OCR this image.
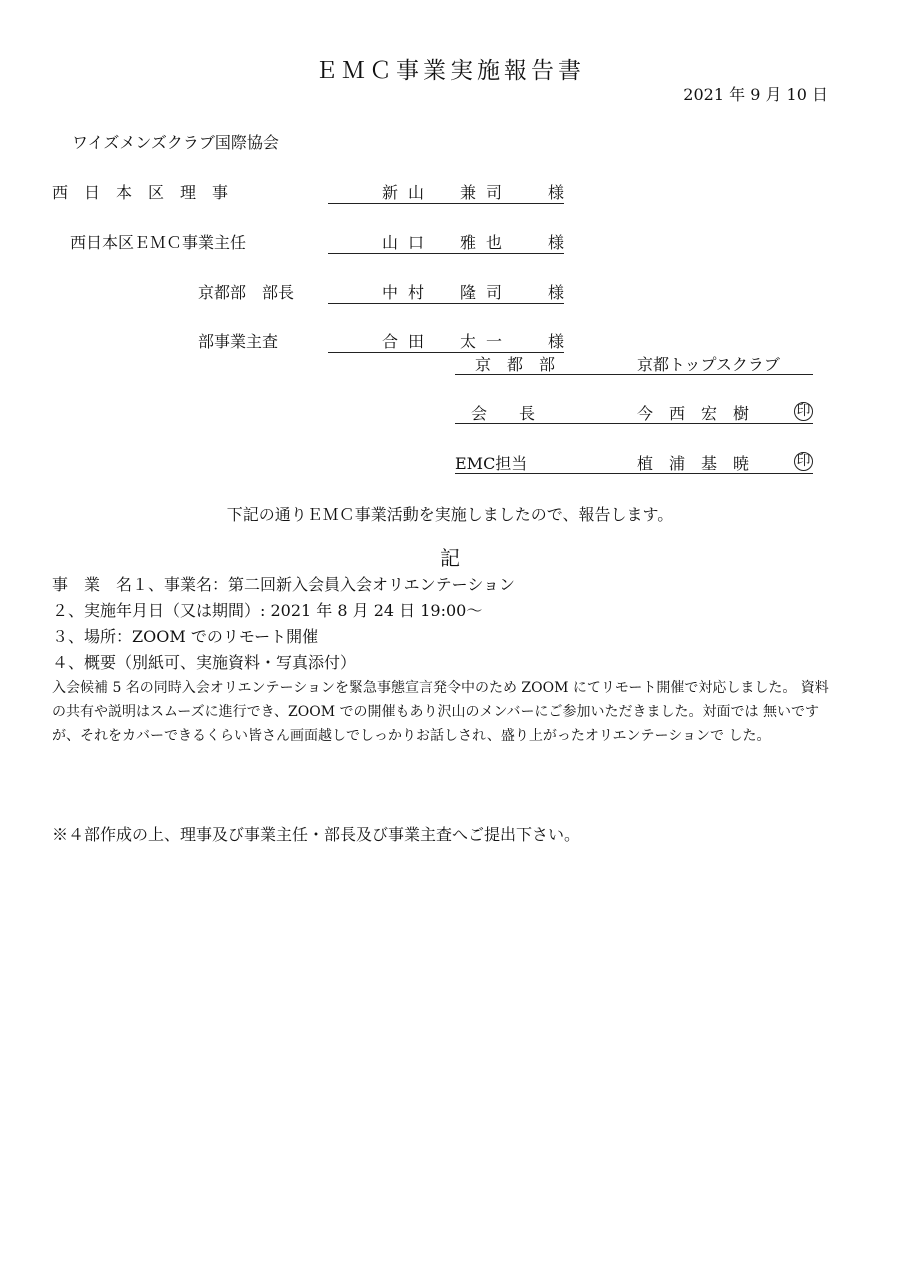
ＥＭＣ事業実施報告書
2021 年 9 月 10 日
ワイズメンズクラブ国際協会
西　日　本　区　理　事	新山　兼司 様
西日本区ＥＭＣ事業主任	山口　雅也 様
京都部　部長	中村　隆司 様
部事業主査	合田　太一 様
京　都　部	京都トップスクラブ
　会　　長	今　西　宏　樹	印
EMC担当	植　浦　基　暁	印
下記の通りＥＭＣ事業活動を実施しましたので、報告します。
記
事　業　名１、事業名：第二回新入会員入会オリエンテーション
２、実施年月日（又は期間）: 2021 年 8 月 24 日 19:00～
３、場所：ZOOM でのリモート開催
４、概要（別紙可、実施資料・写真添付）
入会候補 5 名の同時入会オリエンテーションを緊急事態宣言発令中のため ZOOM にてリモート開催で対応しました。 資料の共有や説明はスムーズに進行でき、ZOOM での開催もあり沢山のメンバーにご参加いただきました。対面では 無いですが、それをカバーできるくらい皆さん画面越しでしっかりお話しされ、盛り上がったオリエンテーションで した。
※４部作成の上、理事及び事業主任・部長及び事業主査へご提出下さい。
